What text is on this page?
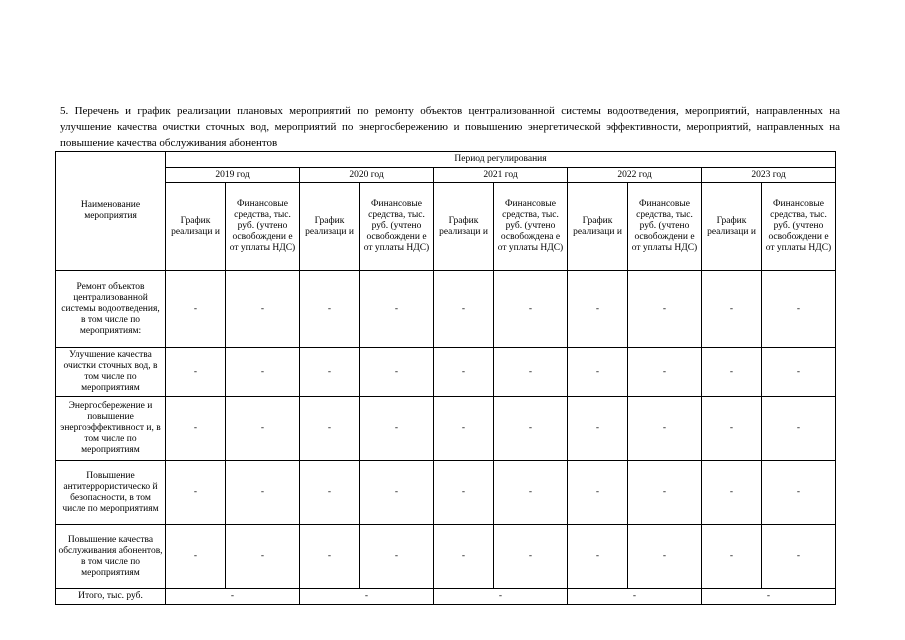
5. Перечень и график реализации плановых мероприятий по ремонту объектов централизованной системы водоотведения, мероприятий, направленных на улучшение качества очистки сточных вод, мероприятий по энергосбережению и повышению энергетической эффективности, мероприятий, направленных на повышение качества обслуживания абонентов

Наименование мероприятия	Период регулирования									
	2019 год		2020 год		2021 год		2022 год		2023 год	
	График реализаци и	Финансовые средства, тыс. руб. (учтено освобождени е от уплаты НДС)	График реализаци и	Финансовые средства, тыс. руб. (учтено освобождени е от уплаты НДС)	График реализаци и	Финансовые средства, тыс. руб. (учтено освобождена е от уплаты НДС)	График реализаци и	Финансовые средства, тыс. руб. (учтено освобождени е от уплаты НДС)	График реализаци и	Финансовые средства, тыс. руб. (учтено освобождени е от уплаты НДС)
Ремонт объектов централизованной системы водоотведения, в том числе по мероприятиям:	-	-	-	-	-	-	-	-	-	-
Улучшение качества очистки сточных вод, в том числе по мероприятиям	-	-	-	-	-	-	-	-	-	-
Энергосбережение и повышение энергоэффективност и, в том числе по мероприятиям	-	-	-	-	-	-	-	-	-	-
Повышение антитеррористическо й безопасности, в том числе по мероприятиям	-	-	-	-	-	-	-	-	-	-
Повышение качества обслуживания абонентов, в том числе по мероприятиям	-	-	-	-	-	-	-	-	-	-
Итого, тыс. руб.	-		-		-		-		-	
